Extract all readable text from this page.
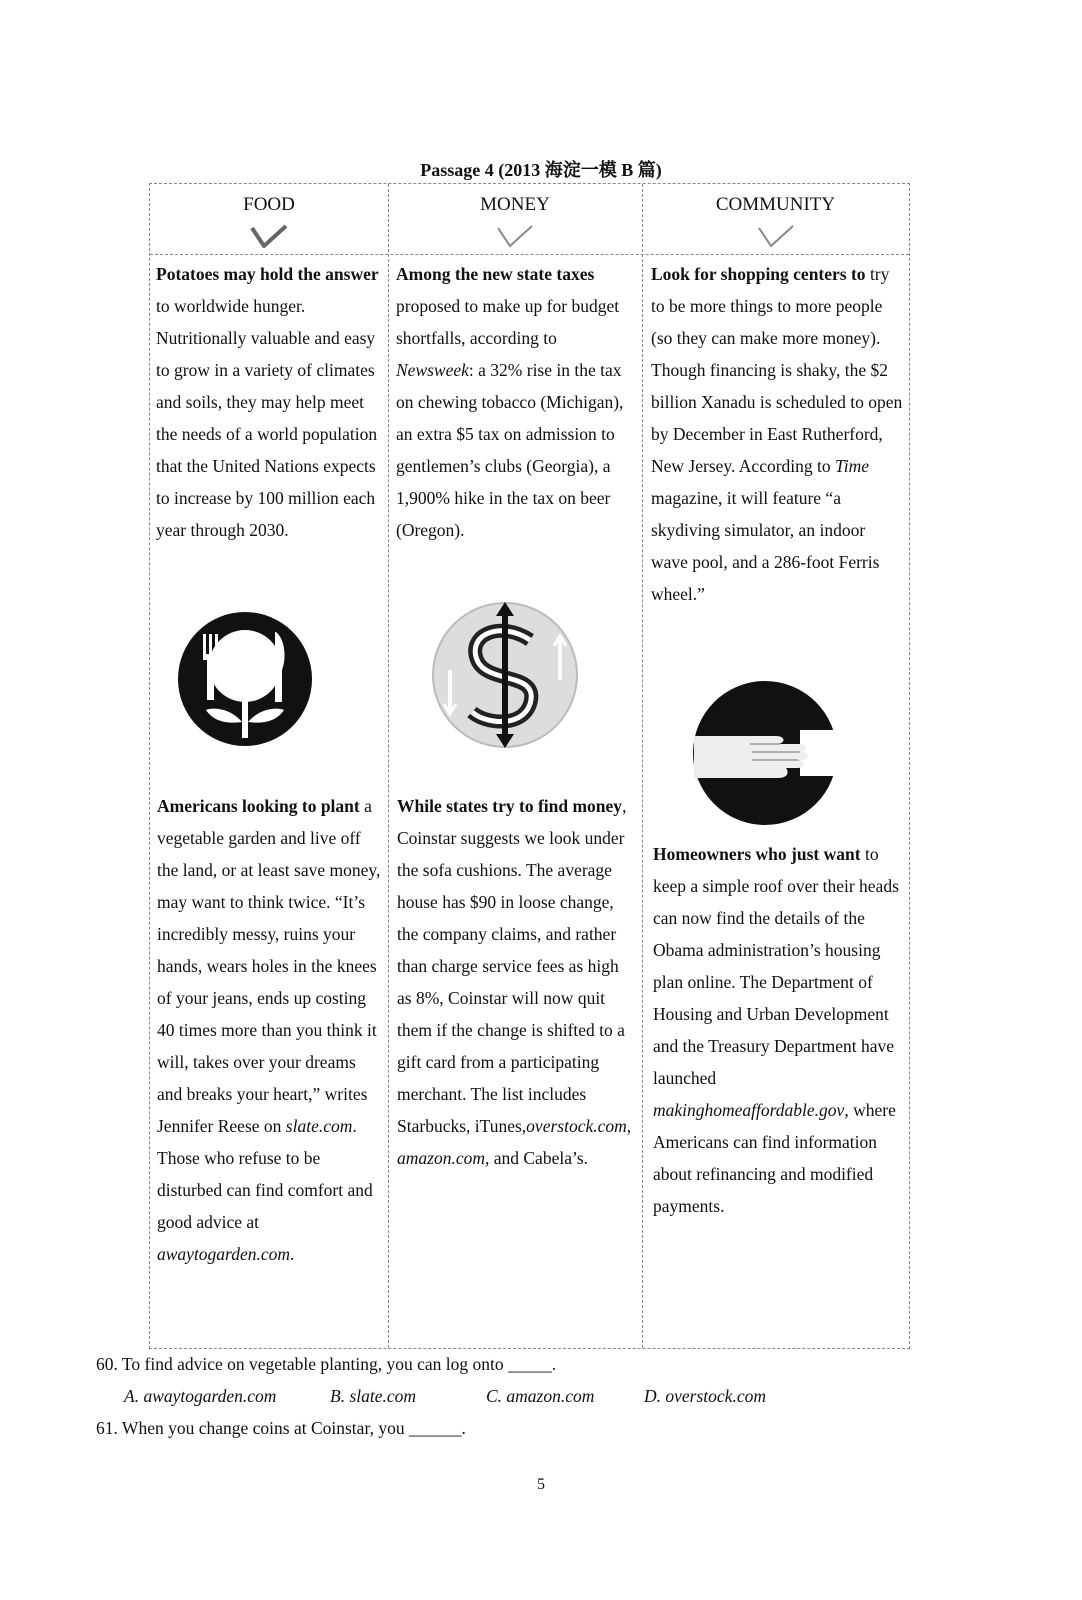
Passage 4 (2013 海淀一模 B 篇)
FOOD	MONEY	COMMUNITY
Potatoes may hold the answer to worldwide hunger. Nutritionally valuable and easy to grow in a variety of climates and soils, they may help meet the needs of a world population that the United Nations expects to increase by 100 million each year through 2030.
Americans looking to plant a vegetable garden and live off the land, or at least save money, may want to think twice. “It’s incredibly messy, ruins your hands, wears holes in the knees of your jeans, ends up costing 40 times more than you think it will, takes over your dreams and breaks your heart,” writes Jennifer Reese on slate.com. Those who refuse to be disturbed can find comfort and good advice at awaytogarden.com.
Among the new state taxes proposed to make up for budget shortfalls, according to Newsweek: a 32% rise in the tax on chewing tobacco (Michigan), an extra $5 tax on admission to gentlemen’s clubs (Georgia), a 1,900% hike in the tax on beer (Oregon).
While states try to find money, Coinstar suggests we look under the sofa cushions. The average house has $90 in loose change, the company claims, and rather than charge service fees as high as 8%, Coinstar will now quit them if the change is shifted to a gift card from a participating merchant. The list includes Starbucks, iTunes,overstock.com, amazon.com, and Cabela’s.
Look for shopping centers to try to be more things to more people (so they can make more money). Though financing is shaky, the $2 billion Xanadu is scheduled to open by December in East Rutherford, New Jersey. According to Time magazine, it will feature “a skydiving simulator, an indoor wave pool, and a 286-foot Ferris wheel.”
Homeowners who just want to keep a simple roof over their heads can now find the details of the Obama administration’s housing plan online. The Department of Housing and Urban Development and the Treasury Department have launched makinghomeaffordable.gov, where Americans can find information about refinancing and modified payments.
60. To find advice on vegetable planting, you can log onto _____.
A. awaytogarden.com	B. slate.com	C. amazon.com	D. overstock.com
61. When you change coins at Coinstar, you ______.
5
